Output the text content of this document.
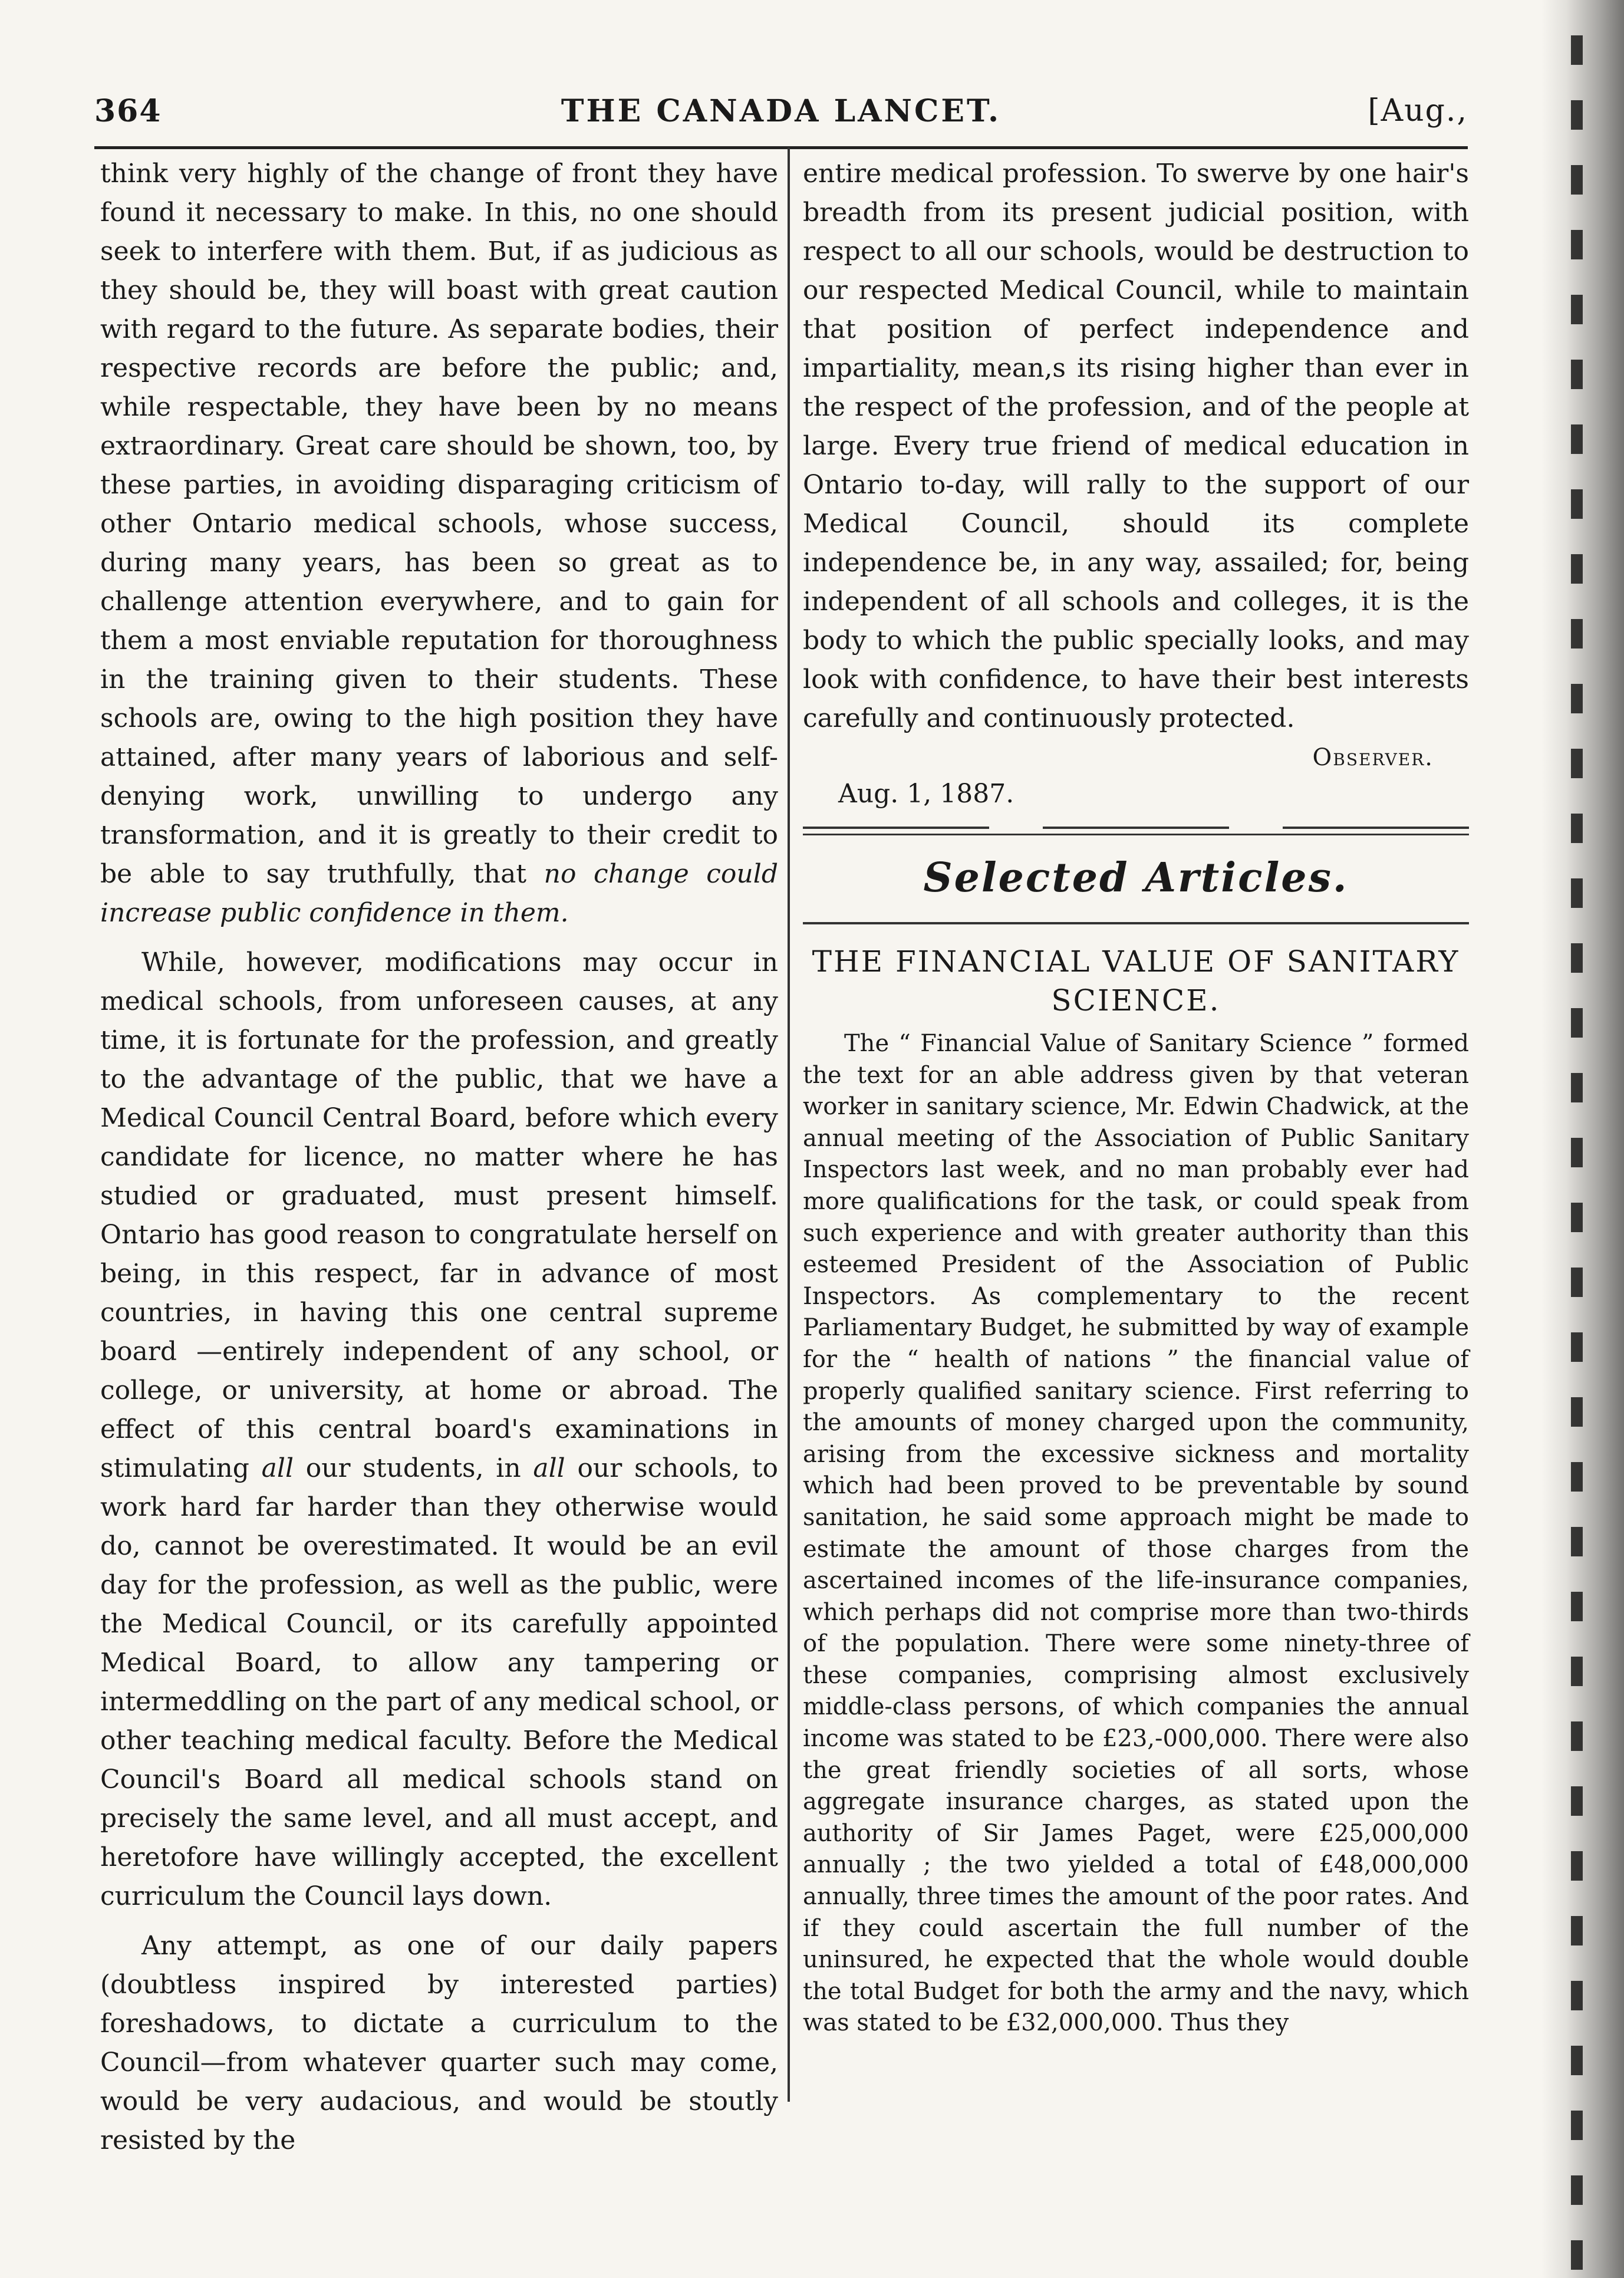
364	THE CANADA LANCET.	[Aug.,

think very highly of the change of front they have found it necessary to make. In this, no one should seek to interfere with them. But, if as judicious as they should be, they will boast with great caution with regard to the future. As separate bodies, their respective records are before the public; and, while respectable, they have been by no means extraordinary. Great care should be shown, too, by these parties, in avoiding disparaging criticism of other Ontario medical schools, whose success, during many years, has been so great as to challenge attention everywhere, and to gain for them a most enviable reputation for thoroughness in the training given to their students. These schools are, owing to the high position they have attained, after many years of laborious and self-denying work, unwilling to undergo any transformation, and it is greatly to their credit to be able to say truthfully, that no change could increase public confidence in them.

While, however, modifications may occur in medical schools, from unforeseen causes, at any time, it is fortunate for the profession, and greatly to the advantage of the public, that we have a Medical Council Central Board, before which every candidate for licence, no matter where he has studied or graduated, must present himself. Ontario has good reason to congratulate herself on being, in this respect, far in advance of most countries, in having this one central supreme board —entirely independent of any school, or college, or university, at home or abroad. The effect of this central board's examinations in stimulating all our students, in all our schools, to work hard far harder than they otherwise would do, cannot be overestimated. It would be an evil day for the profession, as well as the public, were the Medical Council, or its carefully appointed Medical Board, to allow any tampering or intermeddling on the part of any medical school, or other teaching medical faculty. Before the Medical Council's Board all medical schools stand on precisely the same level, and all must accept, and heretofore have willingly accepted, the excellent curriculum the Council lays down.

Any attempt, as one of our daily papers (doubtless inspired by interested parties) foreshadows, to dictate a curriculum to the Council—from whatever quarter such may come, would be very audacious, and would be stoutly resisted by the

entire medical profession. To swerve by one hair's breadth from its present judicial position, with respect to all our schools, would be destruction to our respected Medical Council, while to maintain that position of perfect independence and impartiality, mean,s its rising higher than ever in the respect of the profession, and of the people at large. Every true friend of medical education in Ontario to-day, will rally to the support of our Medical Council, should its complete independence be, in any way, assailed; for, being independent of all schools and colleges, it is the body to which the public specially looks, and may look with confidence, to have their best interests carefully and continuously protected.

Observer.

Aug. 1, 1887.

Selected Articles.

THE FINANCIAL VALUE OF SANITARY SCIENCE.

The “ Financial Value of Sanitary Science ” formed the text for an able address given by that veteran worker in sanitary science, Mr. Edwin Chadwick, at the annual meeting of the Association of Public Sanitary Inspectors last week, and no man probably ever had more qualifications for the task, or could speak from such experience and with greater authority than this esteemed President of the Association of Public Inspectors. As complementary to the recent Parliamentary Budget, he submitted by way of example for the “ health of nations ” the financial value of properly qualified sanitary science. First referring to the amounts of money charged upon the community, arising from the excessive sickness and mortality which had been proved to be preventable by sound sanitation, he said some approach might be made to estimate the amount of those charges from the ascertained incomes of the life-insurance companies, which perhaps did not comprise more than two-thirds of the population. There were some ninety-three of these companies, comprising almost exclusively middle-class persons, of which companies the annual income was stated to be £23,-000,000. There were also the great friendly societies of all sorts, whose aggregate insurance charges, as stated upon the authority of Sir James Paget, were £25,000,000 annually ; the two yielded a total of £48,000,000 annually, three times the amount of the poor rates. And if they could ascertain the full number of the uninsured, he expected that the whole would double the total Budget for both the army and the navy, which was stated to be £32,000,000. Thus they
